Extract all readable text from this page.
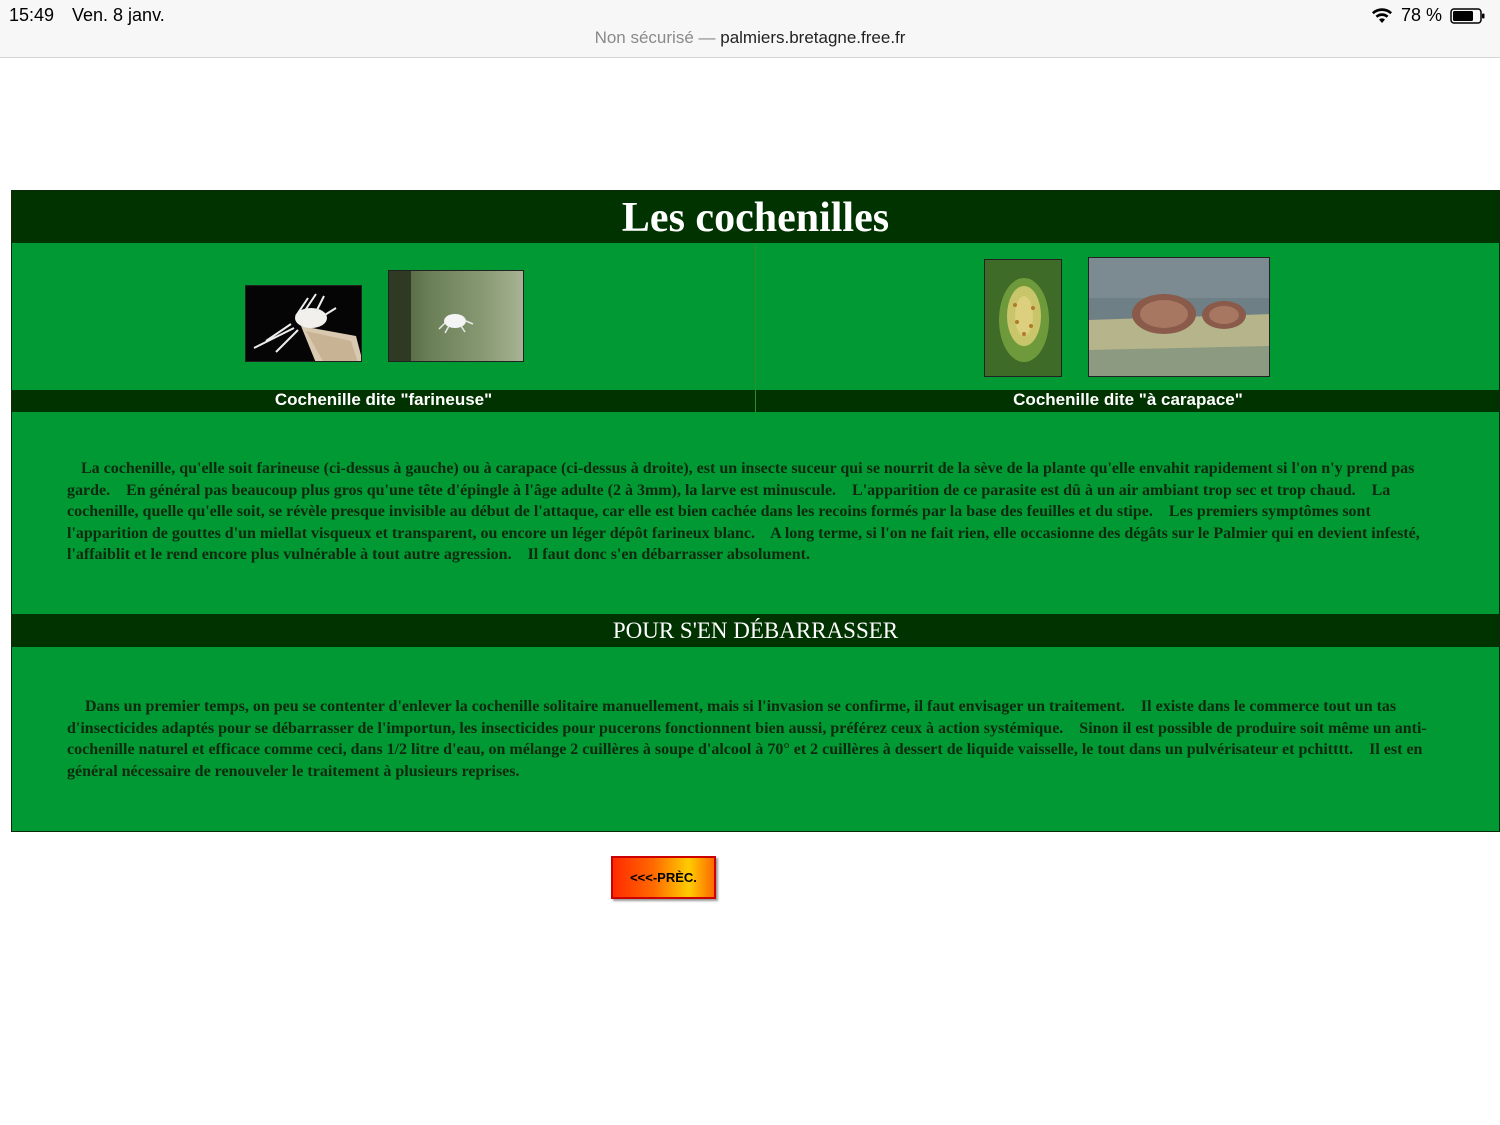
15:49 Ven. 8 janv.	78 %
Non sécurisé — palmiers.bretagne.free.fr
Les cochenilles
Cochenille dite "farineuse"	Cochenille dite "à carapace"
La cochenille, qu'elle soit farineuse (ci-dessus à gauche) ou à carapace (ci-dessus à droite), est un insecte suceur qui se nourrit de la sève de la plante qu'elle envahit rapidement si l'on n'y prend pas garde.    En général pas beaucoup plus gros qu'une tête d'épingle à l'âge adulte (2 à 3mm), la larve est minuscule.    L'apparition de ce parasite est dû à un air ambiant trop sec et trop chaud.    La cochenille, quelle qu'elle soit, se révèle presque invisible au début de l'attaque, car elle est bien cachée dans les recoins formés par la base des feuilles et du stipe.    Les premiers symptômes sont l'apparition de gouttes d'un miellat visqueux et transparent, ou encore un léger dépôt farineux blanc.    A long terme, si l'on ne fait rien, elle occasionne des dégâts sur le Palmier qui en devient infesté, l'affaiblit et le rend encore plus vulnérable à tout autre agression.    Il faut donc s'en débarrasser absolument.
POUR S'EN DÉBARRASSER
Dans un premier temps, on peu se contenter d'enlever la cochenille solitaire manuellement, mais si l'invasion se confirme, il faut envisager un traitement.    Il existe dans le commerce tout un tas d'insecticides adaptés pour se débarrasser de l'importun, les insecticides pour pucerons fonctionnent bien aussi, préférez ceux à action systémique.    Sinon il est possible de produire soit même un anti-cochenille naturel et efficace comme ceci, dans 1/2 litre d'eau, on mélange 2 cuillères à soupe d'alcool à 70° et 2 cuillères à dessert de liquide vaisselle, le tout dans un pulvérisateur et pchitttt.    Il est en général nécessaire de renouveler le traitement à plusieurs reprises.
<<<-PRÈC.
